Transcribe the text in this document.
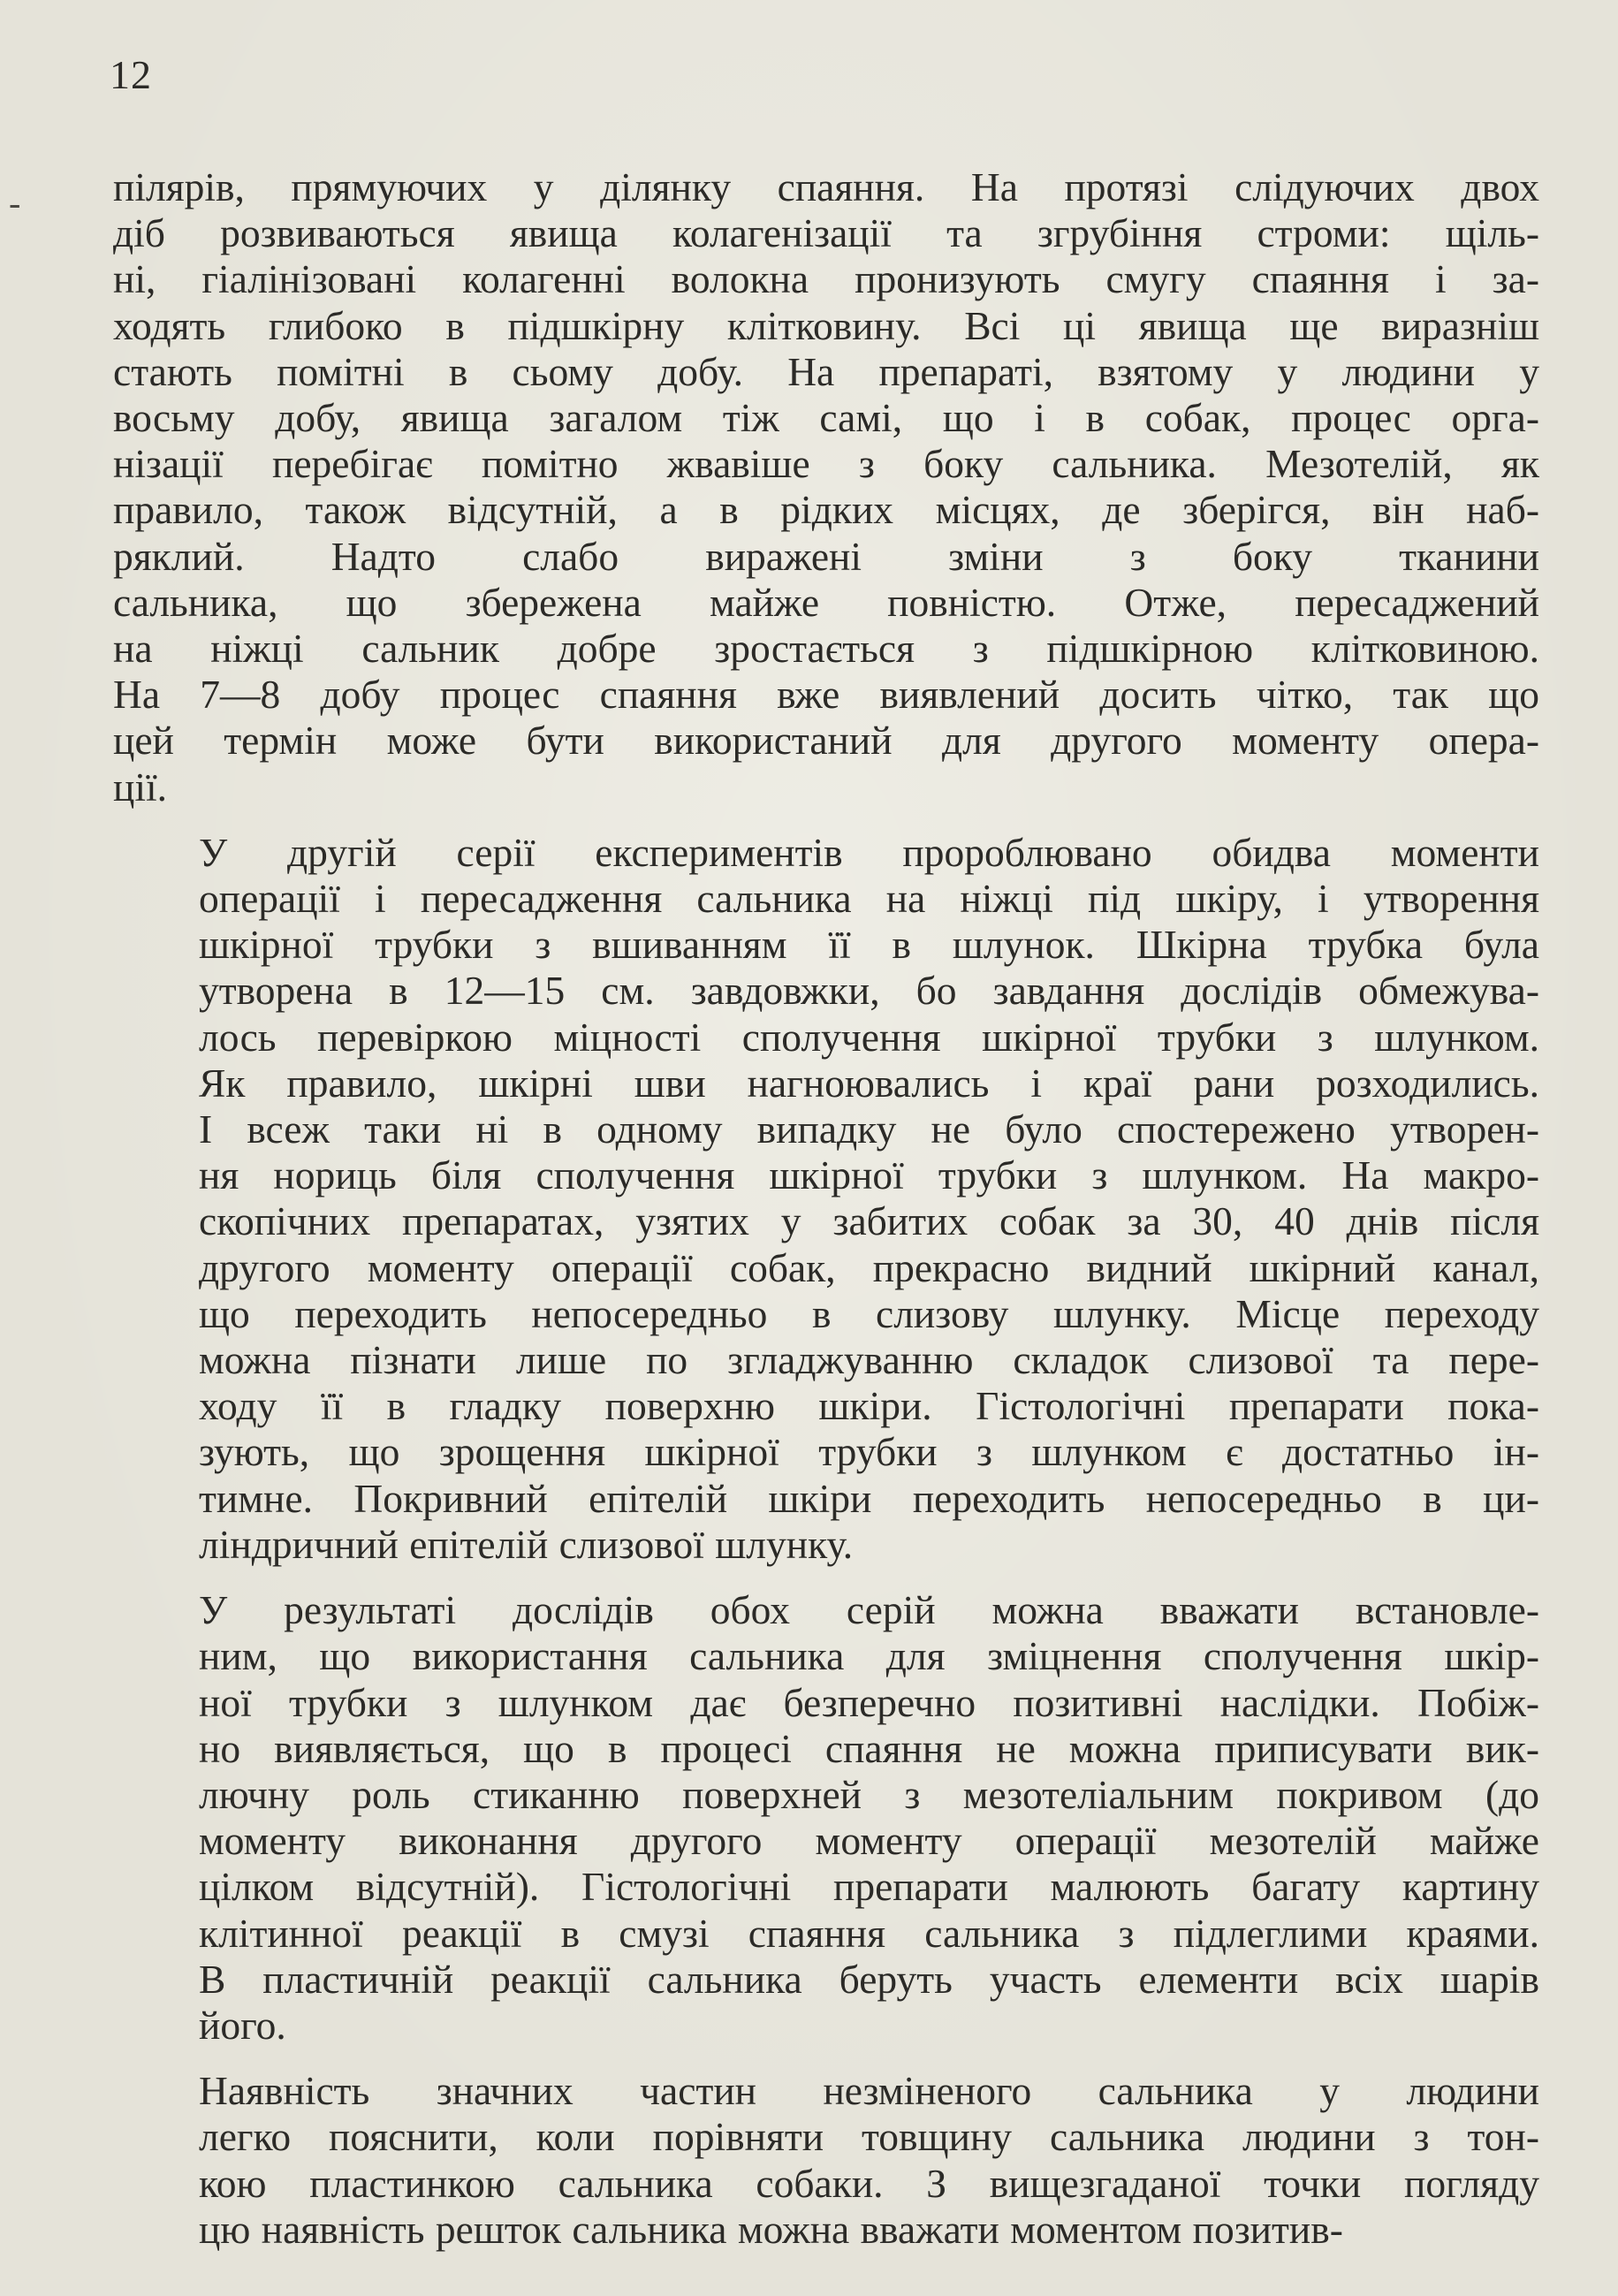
12
- пілярів, прямуючих у ділянку спаяння. На протязі слідуючих двох
діб розвиваються явища колагенізації та згрубіння строми: щіль-
ні, гіалінізовані колагенні волокна пронизують смугу спаяння і за-
ходять глибоко в підшкірну клітковину. Всі ці явища ще виразніш
стають помітні в сьому добу. На препараті, взятому у людини у
восьму добу, явища загалом тіж самі, що і в собак, процес орга-
нізації перебігає помітно жвавіше з боку сальника. Мезотелій, як
правило, також відсутній, а в рідких місцях, де зберігся, він наб-
ряклий. Надто слабо виражені зміни з боку тканини
сальника, що збережена майже повністю. Отже, пересаджений
на ніжці сальник добре зростається з підшкірною клітковиною.
На 7—8 добу процес спаяння вже виявлений досить чітко, так що
цей термін може бути використаний для другого моменту опера-
ції.

У другій серії експериментів пророблювано обидва моменти
операції і пересадження сальника на ніжці під шкіру, і утворення
шкірної трубки з вшиванням її в шлунок. Шкірна трубка була
утворена в 12—15 см. завдовжки, бо завдання дослідів обмежува-
лось перевіркою міцності сполучення шкірної трубки з шлунком.
Як правило, шкірні шви нагноювались і краї рани розходились.
І всеж таки ні в одному випадку не було спостережено утворен-
ня нориць біля сполучення шкірної трубки з шлунком. На макро-
скопічних препаратах, узятих у забитих собак за 30, 40 днів після
другого моменту операції собак, прекрасно видний шкірний канал,
що переходить непосередньо в слизову шлунку. Місце переходу
можна пізнати лише по згладжуванню складок слизової та пере-
ходу її в гладку поверхню шкіри. Гістологічні препарати пока-
зують, що зрощення шкірної трубки з шлунком є достатньо ін-
тимне. Покривний епітелій шкіри переходить непосередньо в ци-
ліндричний епітелій слизової шлунку.

У результаті дослідів обох серій можна вважати встановле-
ним, що використання сальника для зміцнення сполучення шкір-
ної трубки з шлунком дає безперечно позитивні наслідки. Побіж-
но виявляється, що в процесі спаяння не можна приписувати вик-
лючну роль стиканню поверхней з мезотеліальним покривом (до
моменту виконання другого моменту операції мезотелій майже
цілком відсутній). Гістологічні препарати малюють багату картину
клітинної реакції в смузі спаяння сальника з підлеглими краями.
В пластичній реакції сальника беруть участь елементи всіх шарів
його.

Наявність значних частин незміненого сальника у людини
легко пояснити, коли порівняти товщину сальника людини з тон-
кою пластинкою сальника собаки. З вищезгаданої точки погляду
цю наявність решток сальника можна вважати моментом позитив-
